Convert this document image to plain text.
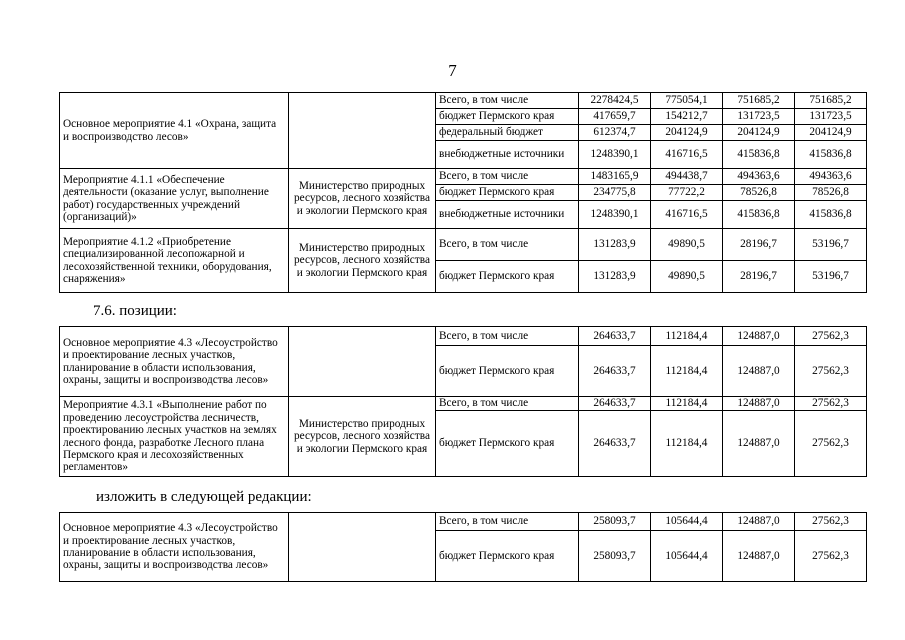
7
Основное мероприятие 4.1 «Охрана, защита и воспроизводство лесов»		Всего, в том числе	2278424,5	775054,1	751685,2	751685,2
		бюджет Пермского края	417659,7	154212,7	131723,5	131723,5
		федеральный бюджет	612374,7	204124,9	204124,9	204124,9
		внебюджетные источники	1248390,1	416716,5	415836,8	415836,8
Мероприятие 4.1.1 «Обеспечение деятельности (оказание услуг, выполнение работ) государственных учреждений (организаций)»	Министерство природных ресурсов, лесного хозяйства и экологии Пермского края	Всего, в том числе	1483165,9	494438,7	494363,6	494363,6
		бюджет Пермского края	234775,8	77722,2	78526,8	78526,8
		внебюджетные источники	1248390,1	416716,5	415836,8	415836,8
Мероприятие 4.1.2 «Приобретение специализированной лесопожарной и лесохозяйственной техники, оборудования, снаряжения»	Министерство природных ресурсов, лесного хозяйства и экологии Пермского края	Всего, в том числе	131283,9	49890,5	28196,7	53196,7
		бюджет Пермского края	131283,9	49890,5	28196,7	53196,7
7.6. позиции:
Основное мероприятие 4.3 «Лесоустройство и проектирование лесных участков, планирование в области использования, охраны, защиты и воспроизводства лесов»		Всего, в том числе	264633,7	112184,4	124887,0	27562,3
		бюджет Пермского края	264633,7	112184,4	124887,0	27562,3
Мероприятие 4.3.1 «Выполнение работ по проведению лесоустройства лесничеств, проектированию лесных участков на землях лесного фонда, разработке Лесного плана Пермского края и лесохозяйственных регламентов»	Министерство природных ресурсов, лесного хозяйства и экологии Пермского края	Всего, в том числе	264633,7	112184,4	124887,0	27562,3
		бюджет Пермского края	264633,7	112184,4	124887,0	27562,3
изложить в следующей редакции:
Основное мероприятие 4.3 «Лесоустройство и проектирование лесных участков, планирование в области использования, охраны, защиты и воспроизводства лесов»		Всего, в том числе	258093,7	105644,4	124887,0	27562,3
		бюджет Пермского края	258093,7	105644,4	124887,0	27562,3
